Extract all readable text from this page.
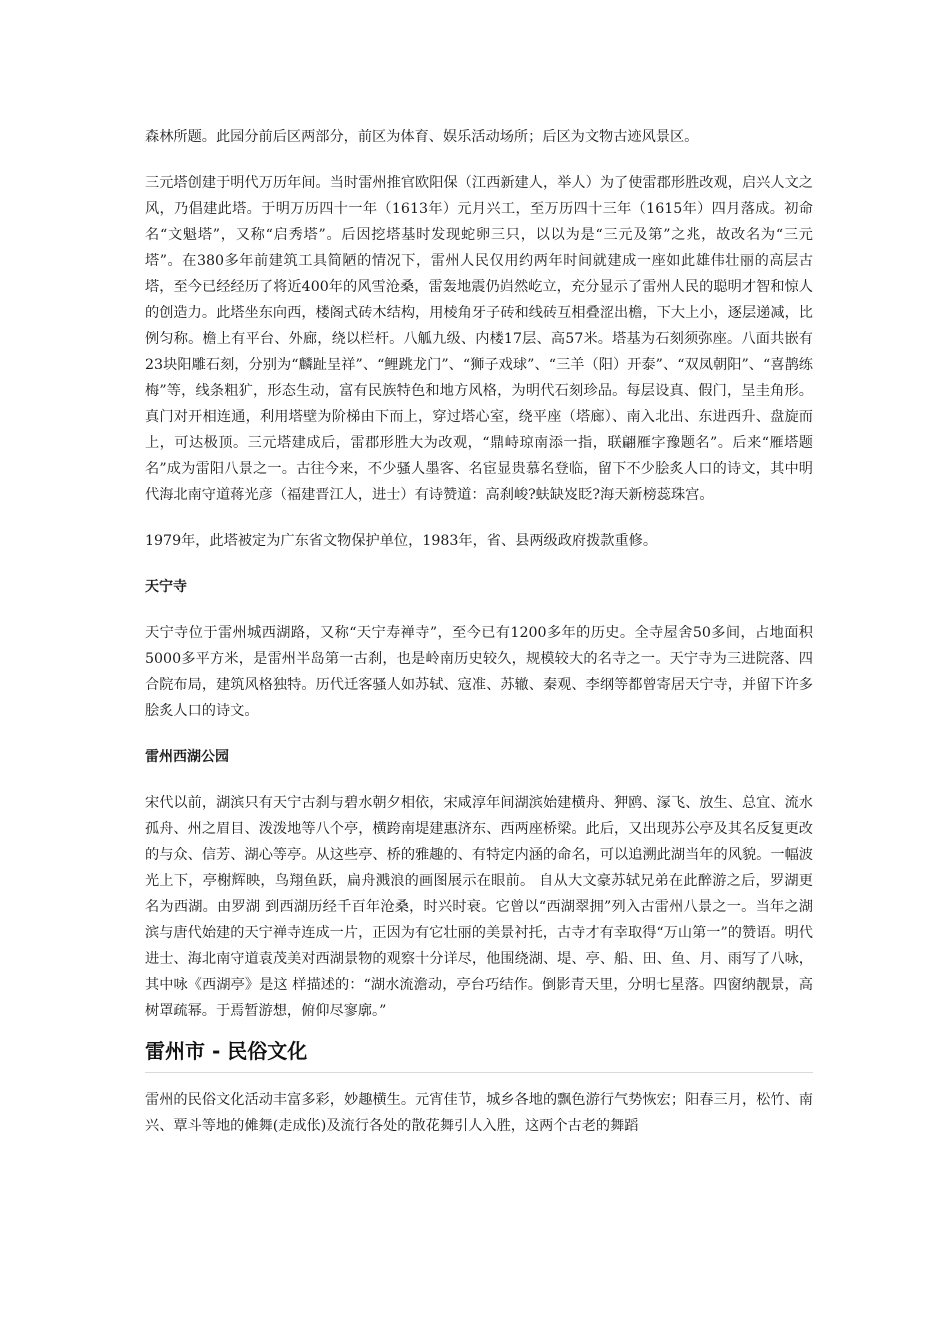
森林所题。此园分前后区两部分，前区为体育、娱乐活动场所；后区为文物古迹风景区。

三元塔创建于明代万历年间。当时雷州推官欧阳保（江西新建人，举人）为了使雷郡形胜改观，启兴人文之风，乃倡建此塔。于明万历四十一年（1613年）元月兴工，至万历四十三年（1615年）四月落成。初命名“文魁塔”，又称“启秀塔”。后因挖塔基时发现蛇卵三只，以以为是“三元及第”之兆，故改名为“三元塔”。在380多年前建筑工具简陋的情况下，雷州人民仅用约两年时间就建成一座如此雄伟壮丽的高层古塔，至今已经经历了将近400年的风雪沧桑，雷轰地震仍岿然屹立，充分显示了雷州人民的聪明才智和惊人的创造力。此塔坐东向西，楼阁式砖木结构，用棱角牙子砖和线砖互相叠涩出檐，下大上小，逐层递减，比例匀称。檐上有平台、外廊，绕以栏杆。八觚九级、内楼17层、高57米。塔基为石刻须弥座。八面共嵌有23块阳雕石刻，分别为“麟趾呈祥”、“鲤跳龙门”、“狮子戏球”、“三羊（阳）开泰”、“双凤朝阳”、“喜鹊练梅”等，线条粗犷，形态生动，富有民族特色和地方风格，为明代石刻珍品。每层设真、假门，呈圭角形。真门对开相连通，利用塔壁为阶梯由下而上，穿过塔心室，绕平座（塔廊）、南入北出、东进西升、盘旋而上，可达极顶。三元塔建成后，雷郡形胜大为改观，“鼎峙琼南添一指，联翩雁字豫题名”。后来“雁塔题名”成为雷阳八景之一。古往今来，不少骚人墨客、名宦显贵慕名登临，留下不少脍炙人口的诗文，其中明代海北南守道蒋光彦（福建晋江人，进士）有诗赞道：高刹峻?蚨缺岌眨?海天新榜蕊珠宫。

1979年，此塔被定为广东省文物保护单位，1983年，省、县两级政府拨款重修。

天宁寺

天宁寺位于雷州城西湖路，又称“天宁寿禅寺”，至今已有1200多年的历史。全寺屋舍50多间，占地面积5000多平方米，是雷州半岛第一古刹，也是岭南历史较久，规模较大的名寺之一。天宁寺为三进院落、四合院布局，建筑风格独特。历代迁客骚人如苏轼、寇准、苏辙、秦观、李纲等都曾寄居天宁寺，并留下许多脍炙人口的诗文。

雷州西湖公园

宋代以前，湖滨只有天宁古刹与碧水朝夕相依，宋咸淳年间湖滨始建横舟、狎鸥、溕飞、放生、总宜、流水孤舟、州之眉目、泼泼地等八个亭，横跨南堤建惠济东、西两座桥梁。此后，又出现苏公亭及其名反复更改的与众、信芳、湖心等亭。从这些亭、桥的雅趣的、有特定内涵的命名，可以追溯此湖当年的风貌。一幅波光上下，亭榭辉映，鸟翔鱼跃，扁舟溅浪的画图展示在眼前。 自从大文豪苏轼兄弟在此醉游之后，罗湖更名为西湖。由罗湖 到西湖历经千百年沧桑，时兴时衰。它曾以“西湖翠拥”列入古雷州八景之一。当年之湖滨与唐代始建的天宁禅寺连成一片，正因为有它壮丽的美景衬托，古寺才有幸取得“万山第一”的赞语。明代进士、海北南守道袁茂美对西湖景物的观察十分详尽，他围绕湖、堤、亭、船、田、鱼、月、雨写了八咏，其中咏《西湖亭》是这 样描述的：“湖水流澹动，亭台巧结作。倒影青天里，分明七星落。四窗纳靓景，高树罩疏幂。于焉暂游想，俯仰尽寥廓。”

雷州市 - 民俗文化

雷州的民俗文化活动丰富多彩，妙趣横生。元宵佳节，城乡各地的飘色游行气势恢宏；阳春三月，松竹、南兴、覃斗等地的傩舞(走成伥)及流行各处的散花舞引人入胜，这两个古老的舞蹈
